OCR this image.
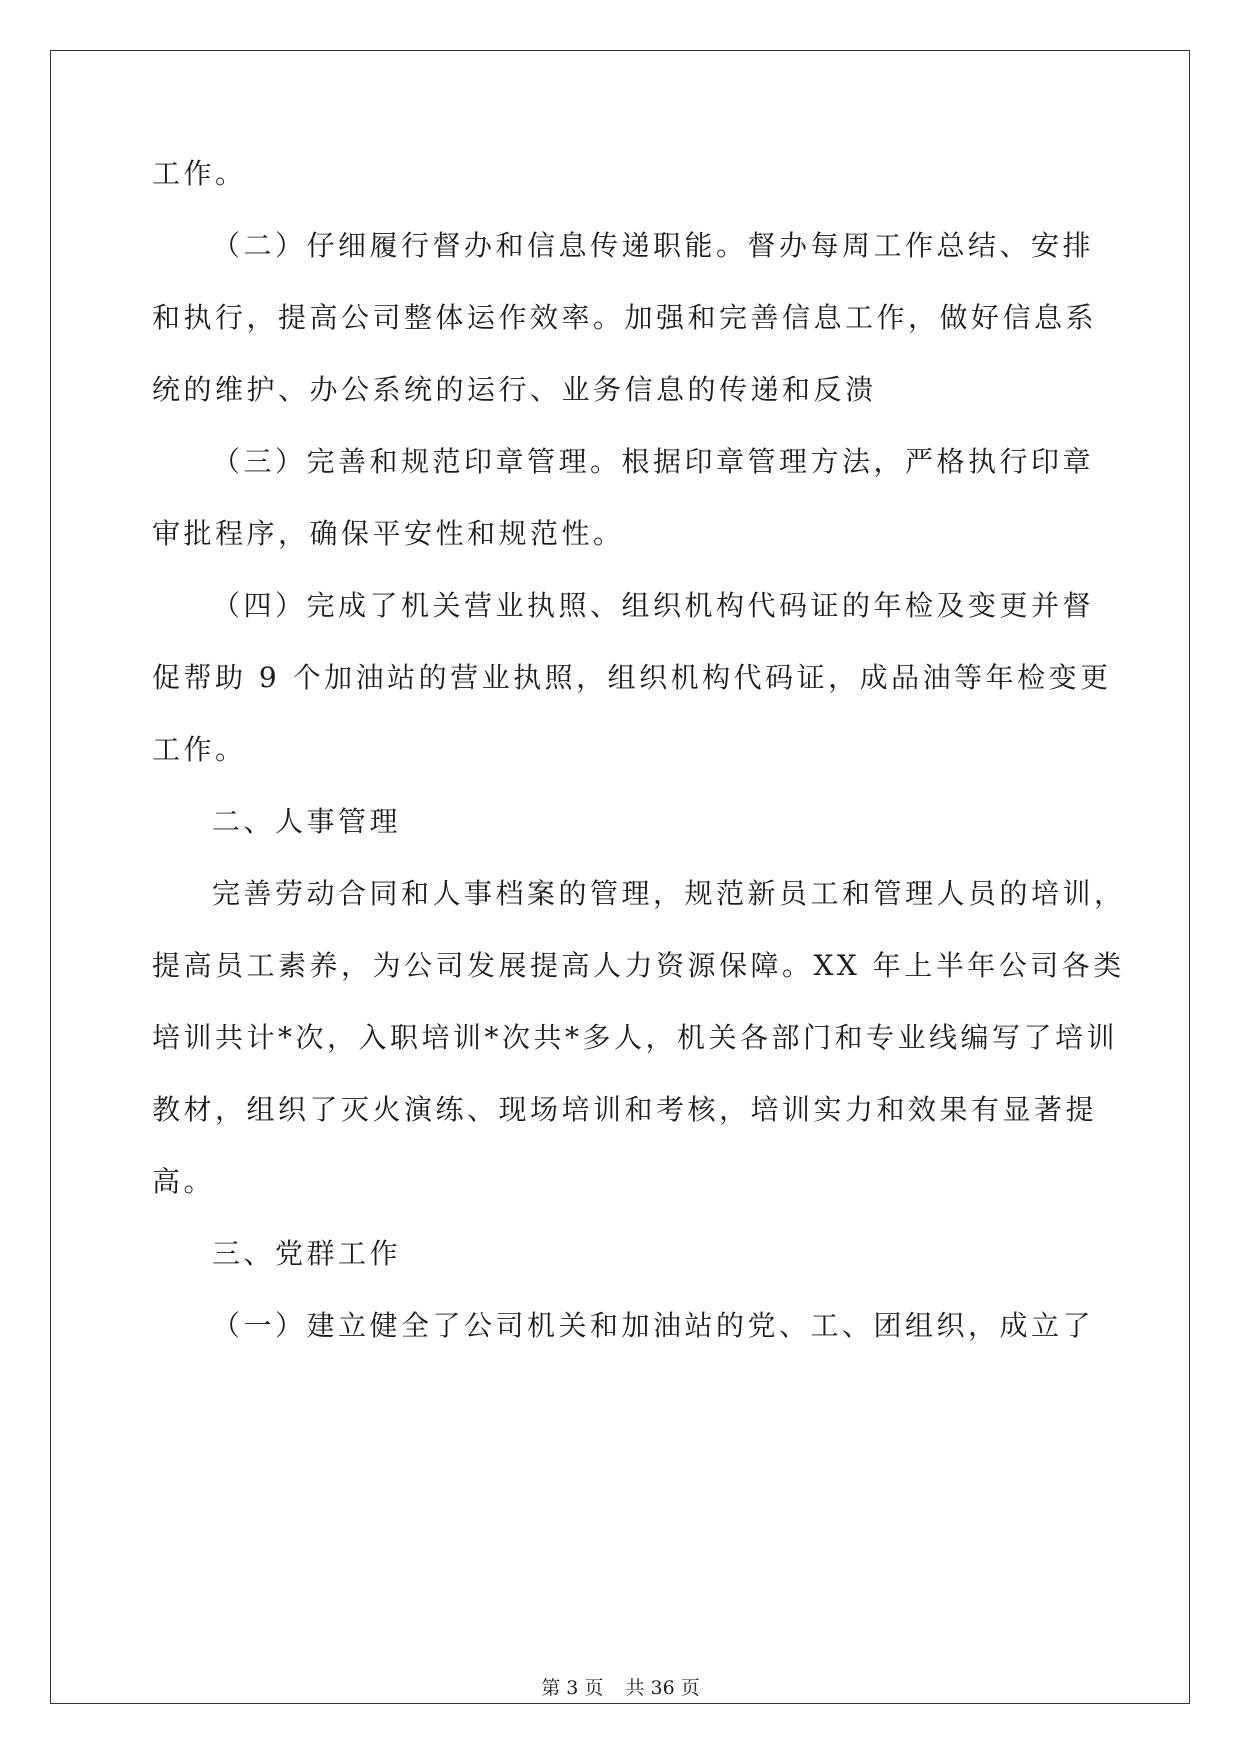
工作。
（二）仔细履行督办和信息传递职能。督办每周工作总结、安排
和执行，提高公司整体运作效率。加强和完善信息工作，做好信息系
统的维护、办公系统的运行、业务信息的传递和反溃
（三）完善和规范印章管理。根据印章管理方法，严格执行印章
审批程序，确保平安性和规范性。
（四）完成了机关营业执照、组织机构代码证的年检及变更并督
促帮助 9 个加油站的营业执照，组织机构代码证，成品油等年检变更
工作。
二、人事管理
完善劳动合同和人事档案的管理，规范新员工和管理人员的培训，
提高员工素养，为公司发展提高人力资源保障。XX 年上半年公司各类
培训共计*次，入职培训*次共*多人，机关各部门和专业线编写了培训
教材，组织了灭火演练、现场培训和考核，培训实力和效果有显著提
高。
三、党群工作
（一）建立健全了公司机关和加油站的党、工、团组织，成立了
第 3 页 共 36 页
